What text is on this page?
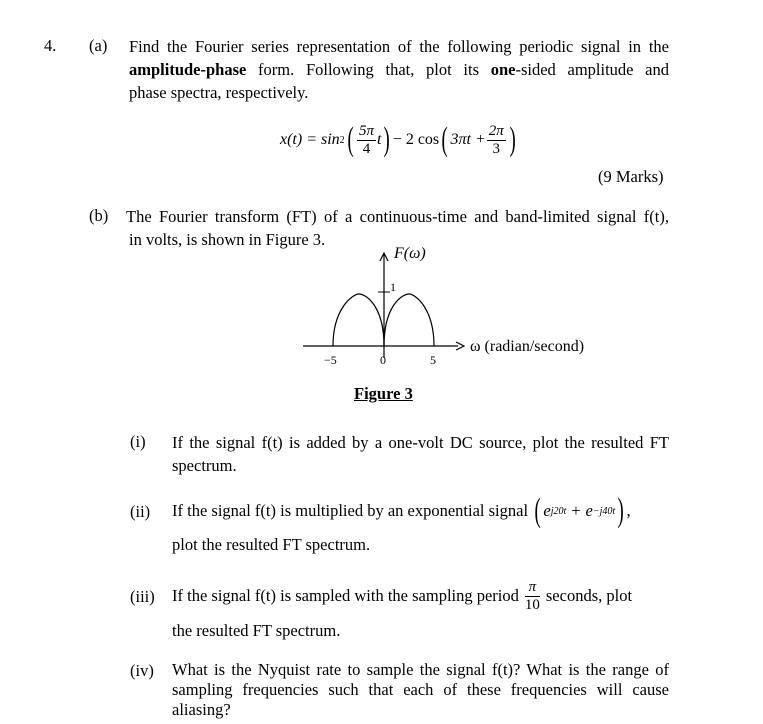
4. (a) Find the Fourier series representation of the following periodic signal in the
amplitude-phase form. Following that, plot its one-sided amplitude and
phase spectra, respectively.
x(t) = sin 2 ( $\frac{5\pi}{4}$ t ) − 2 cos ( $3\pi t + \frac{2\pi}{3}$ )
(9 Marks)
(b) The Fourier transform (FT) of a continuous-time and band-limited signal f(t),
in volts, is shown in Figure 3.
F(ω)
1
ω (radian/second)
−5	0	5
Figure 3
(i) If the signal f(t) is added by a one-volt DC source, plot the resulted FT
spectrum.
(ii) If the signal f(t) is multiplied by an exponential signal ( e j20t + e −j40t ) ,
plot the resulted FT spectrum.
(iii) If the signal f(t) is sampled with the sampling period $\frac{\pi}{10}$ seconds, plot
the resulted FT spectrum.
(iv) What is the Nyquist rate to sample the signal f(t)? What is the range of
sampling frequencies such that each of these frequencies will cause
aliasing?
